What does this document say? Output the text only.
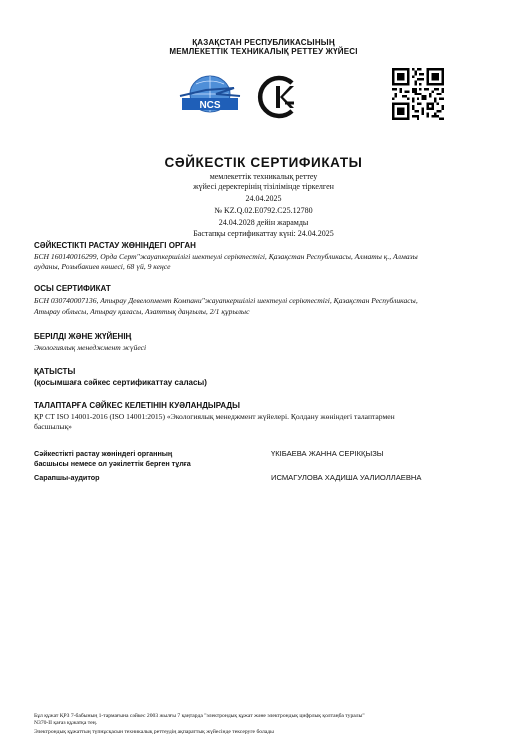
ҚАЗАҚСТАН РЕСПУБЛИКАСЫНЫҢ
МЕМЛЕКЕТТІК ТЕХНИКАЛЫҚ РЕТТЕУ ЖҮЙЕСІ
NCS
СӘЙКЕСТІК СЕРТИФИКАТЫ
мемлекеттік техникалық реттеу
жүйесі деректерінің тізілімінде тіркелген
24.04.2025
№ KZ.Q.02.E0792.C25.12780
24.04.2028 дейін жарамды
Бастапқы сертификаттау күні: 24.04.2025
СӘЙКЕСТІКТІ РАСТАУ ЖӨНІНДЕГІ ОРГАН
БСН 160140016299, Орда Серт"жауапкершілігі шектеулі серіктестігі, Қазақстан Республикасы, Алматы қ., Алмазы
ауданы, Розыбакиев көшесі, 68 үй, 9 кеңсе
ОСЫ СЕРТИФИКАТ
БСН 030740007136, Атырау Девелопмент Компани"жауапкершілігі шектеулі серіктестігі, Қазақстан Республикасы,
Атырау облысы, Атырау қаласы, Азаттық даңғылы, 2/1 құрылыс
БЕРІЛДІ ЖӘНЕ ЖҮЙЕНІҢ
Экологиялық менеджмент жүйесі
ҚАТЫСТЫ
(қосымшаға сәйкес сертификаттау саласы)
ТАЛАПТАРҒА СӘЙКЕС КЕЛЕТІНІН КУӘЛАНДЫРАДЫ
ҚР СТ ISO 14001-2016 (ISO 14001:2015) «Экологиялық менеджмент жүйелері. Қолдану жөніндегі талаптармен
басшылық»
Сәйкестікті растау жөніндегі органның
басшысы немесе ол уәкілеттік берген тұлға
ҮКІБАЕВА ЖАННА СЕРІКҚЫЗЫ
Сарапшы-аудитор	ИСМАГУЛОВА ХАДИША УАЛИОЛЛАЕВНА
Бұл құжат ҚРЗ 7-бабының 1-тармағына сәйкес 2003 жылғы 7 қаңтарда "электрондық құжат және электрондық цифрлық қолтаңба туралы"
N370-II қағаз құжатқа тең.
Электрондық құжаттың түпнұсқасын техникалық реттеудің ақпараттық жүйесінде тексеруге болады
